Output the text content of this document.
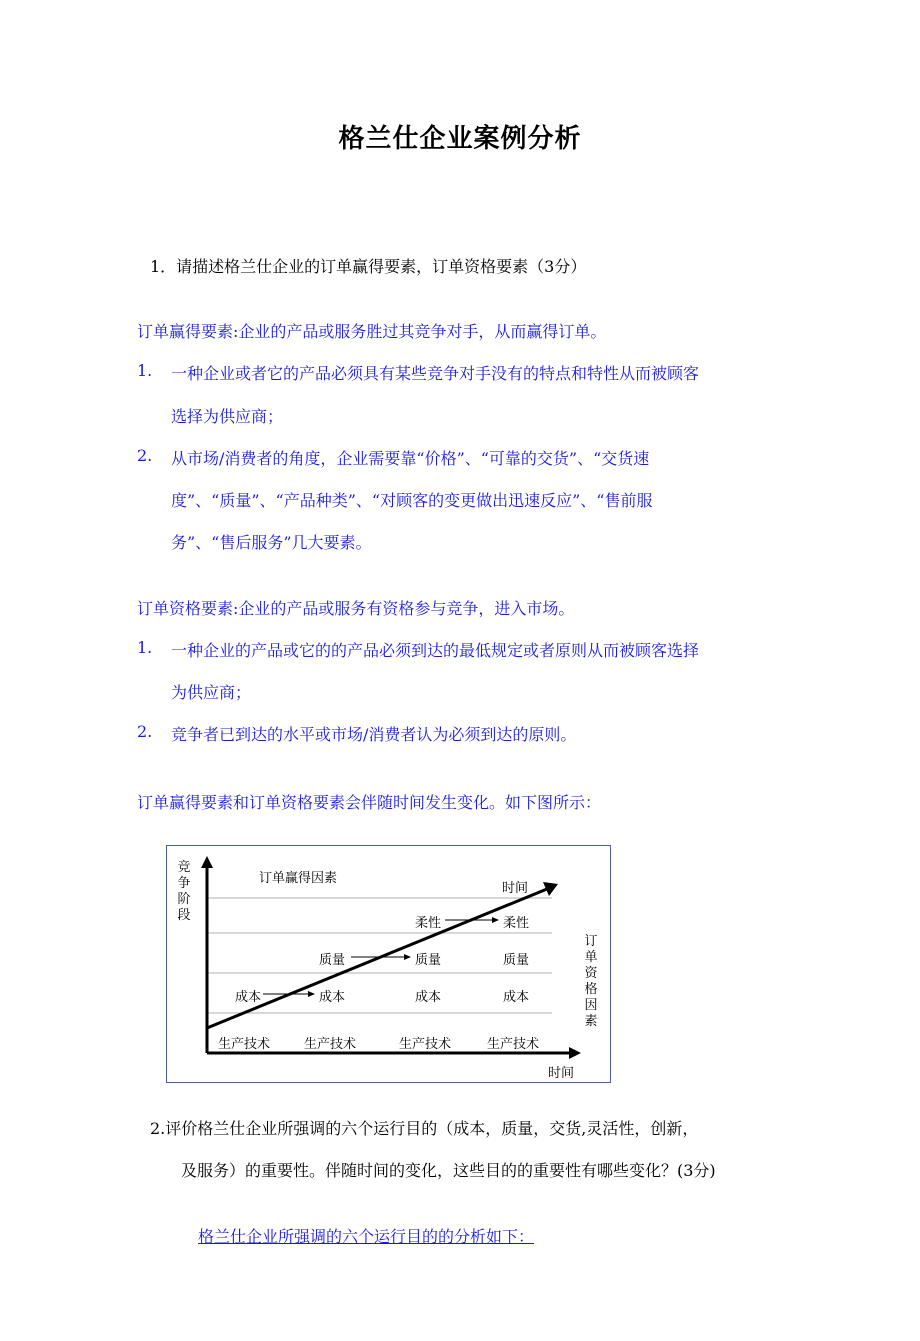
格兰仕企业案例分析
1．请描述格兰仕企业的订单赢得要素，订单资格要素（3分）
订单赢得要素:企业的产品或服务胜过其竞争对手，从而赢得订单。
1. 一种企业或者它的产品必须具有某些竞争对手没有的特点和特性从而被顾客
选择为供应商；
2. 从市场/消费者的角度，企业需要靠“价格”、“可靠的交货”、“交货速
度”、“质量”、“产品种类”、“对顾客的变更做出迅速反应”、“售前服
务”、“售后服务”几大要素。
订单资格要素:企业的产品或服务有资格参与竞争，进入市场。
1. 一种企业的产品或它的的产品必须到达的最低规定或者原则从而被顾客选择
为供应商；
2. 竞争者已到达的水平或市场/消费者认为必须到达的原则。
订单赢得要素和订单资格要素会伴随时间发生变化。如下图所示：
竞
争
阶
段
时间
订单赢得因素
时间
订
单
资
格
因
素
柔性	柔性
质量	质量	质量
成本	成本	成本	成本
生产技术	生产技术	生产技术	生产技术
2.评价格兰仕企业所强调的六个运行目的（成本，质量，交货,灵活性，创新，
及服务）的重要性。伴随时间的变化，这些目的的重要性有哪些变化？(3分)
格兰仕企业所强调的六个运行目的的分析如下：
